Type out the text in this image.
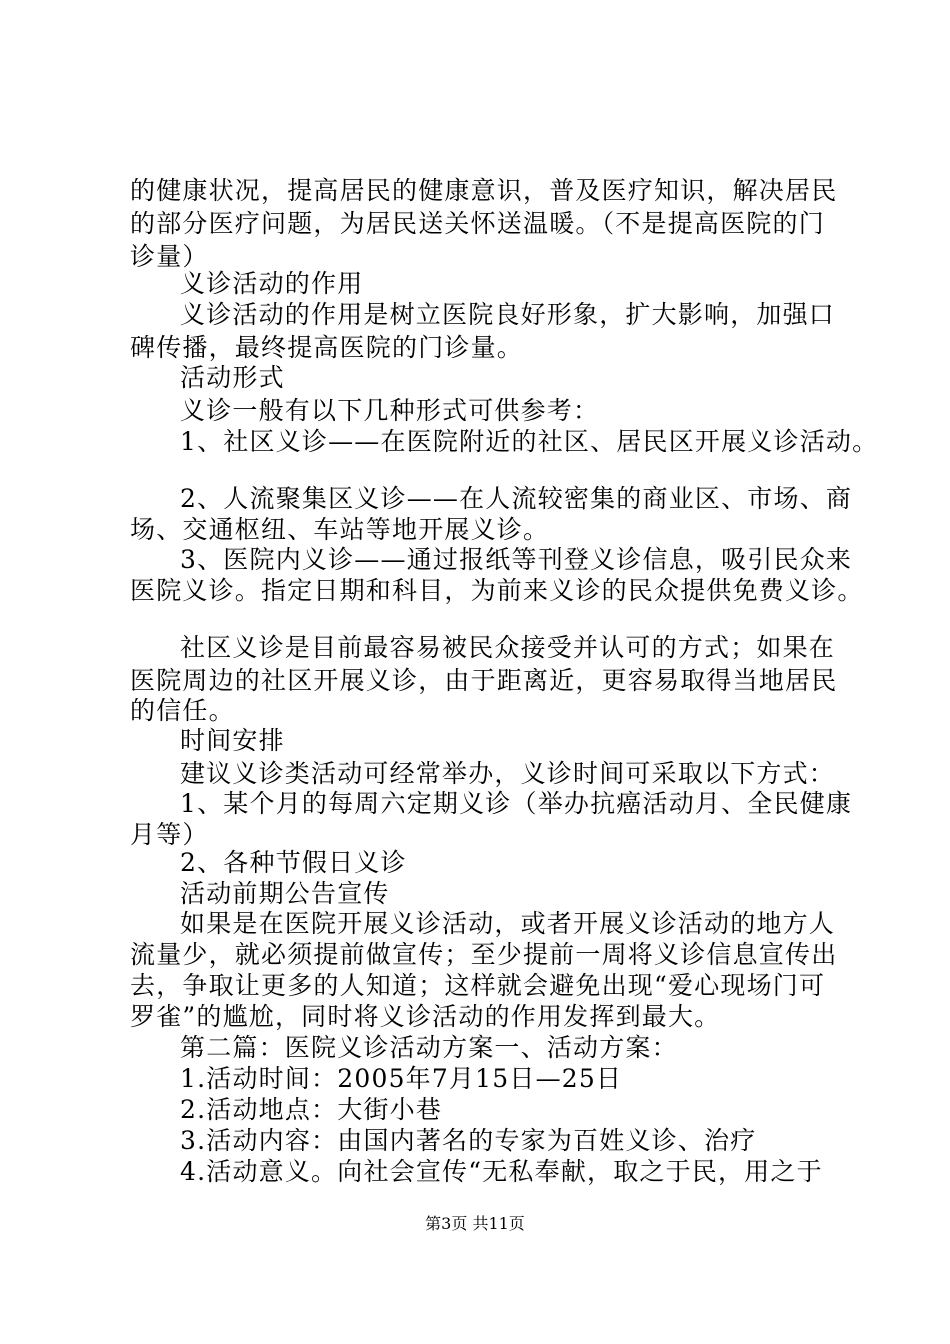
的健康状况，提高居民的健康意识，普及医疗知识，解决居民
的部分医疗问题，为居民送关怀送温暖。（不是提高医院的门
诊量）
义诊活动的作用
义诊活动的作用是树立医院良好形象，扩大影响，加强口
碑传播，最终提高医院的门诊量。
活动形式
义诊一般有以下几种形式可供参考：
1、社区义诊——在医院附近的社区、居民区开展义诊活动。
2、人流聚集区义诊——在人流较密集的商业区、市场、商
场、交通枢纽、车站等地开展义诊。
3、医院内义诊——通过报纸等刊登义诊信息，吸引民众来
医院义诊。指定日期和科目，为前来义诊的民众提供免费义诊。
社区义诊是目前最容易被民众接受并认可的方式；如果在
医院周边的社区开展义诊，由于距离近，更容易取得当地居民
的信任。
时间安排
建议义诊类活动可经常举办，义诊时间可采取以下方式：
1、某个月的每周六定期义诊（举办抗癌活动月、全民健康
月等）
2、各种节假日义诊
活动前期公告宣传
如果是在医院开展义诊活动，或者开展义诊活动的地方人
流量少，就必须提前做宣传；至少提前一周将义诊信息宣传出
去，争取让更多的人知道；这样就会避免出现“爱心现场门可
罗雀”的尴尬，同时将义诊活动的作用发挥到最大。
第二篇：医院义诊活动方案一、活动方案：
1.活动时间：2005年7月15日—25日
2.活动地点：大街小巷
3.活动内容：由国内著名的专家为百姓义诊、治疗
4.活动意义。向社会宣传“无私奉献，取之于民，用之于
第3页 共11页
